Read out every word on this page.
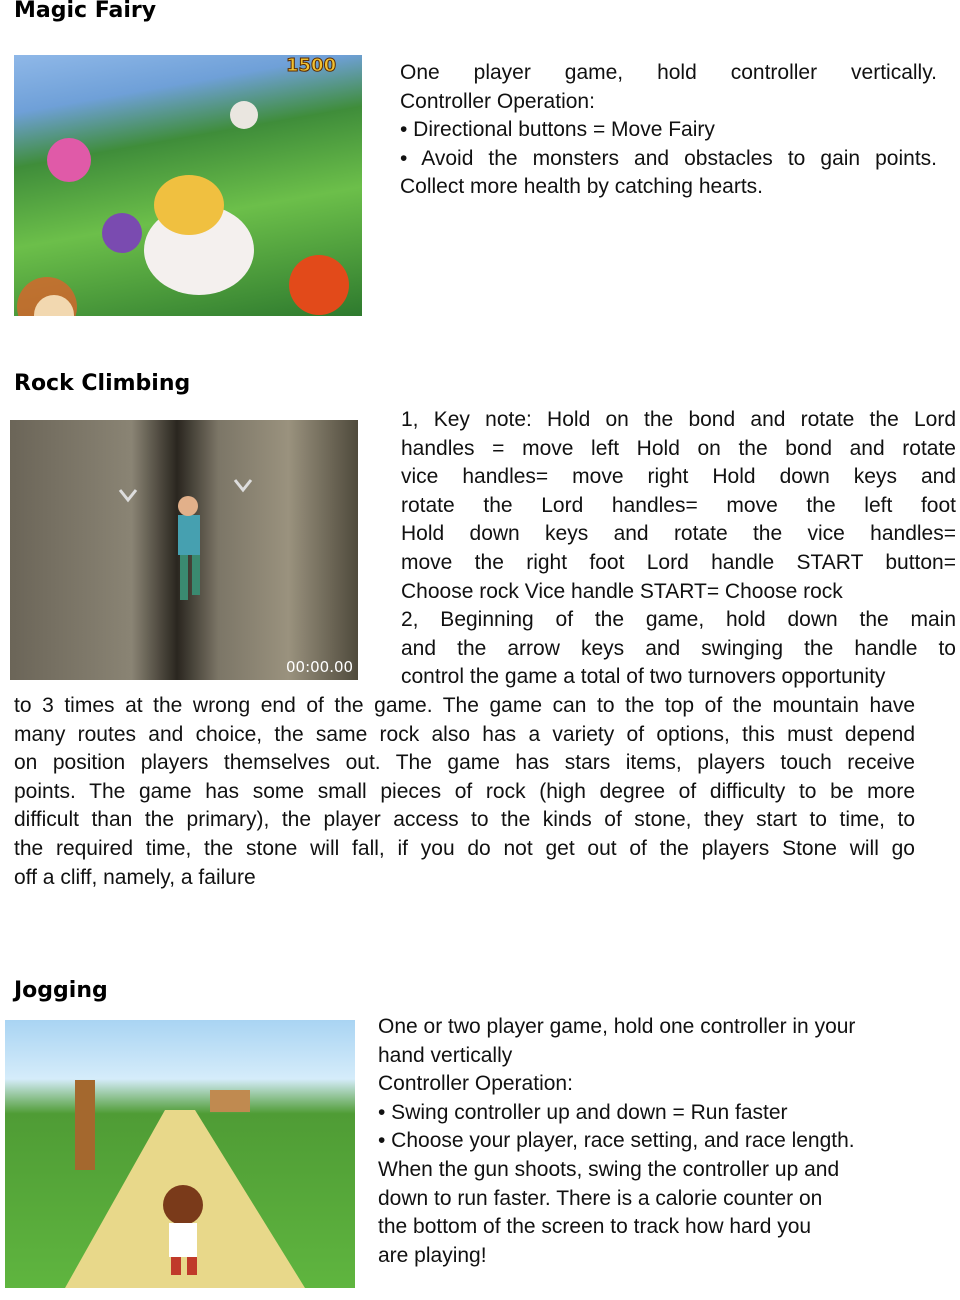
Magic Fairy
1500	One player game, hold controller vertically.
Controller Operation:
• Directional buttons = Move Fairy
• Avoid the monsters and obstacles to gain points.
Collect more health by catching hearts.
Rock Climbing
00:00.00
1, Key note: Hold on the bond and rotate the Lord
handles = move left Hold on the bond and rotate
vice handles= move right Hold down keys and
rotate the Lord handles= move the left foot
Hold down keys and rotate the vice handles=
move the right foot Lord handle START button=
Choose rock Vice handle START= Choose rock
2, Beginning of the game, hold down the main
and the arrow keys and swinging the handle to
control the game a total of two turnovers opportunity
to 3 times at the wrong end of the game. The game can to the top of the mountain have
many routes and choice, the same rock also has a variety of options, this must depend
on position players themselves out. The game has stars items, players touch receive
points. The game has some small pieces of rock (high degree of difficulty to be more
difficult than the primary), the player access to the kinds of stone, they start to time, to
the required time, the stone will fall, if you do not get out of the players Stone will go
off a cliff, namely, a failure
Jogging
One or two player game, hold one controller in your
hand vertically
Controller Operation:
• Swing controller up and down = Run faster
• Choose your player, race setting, and race length.
When the gun shoots, swing the controller up and
down to run faster. There is a calorie counter on
the bottom of the screen to track how hard you
are playing!
